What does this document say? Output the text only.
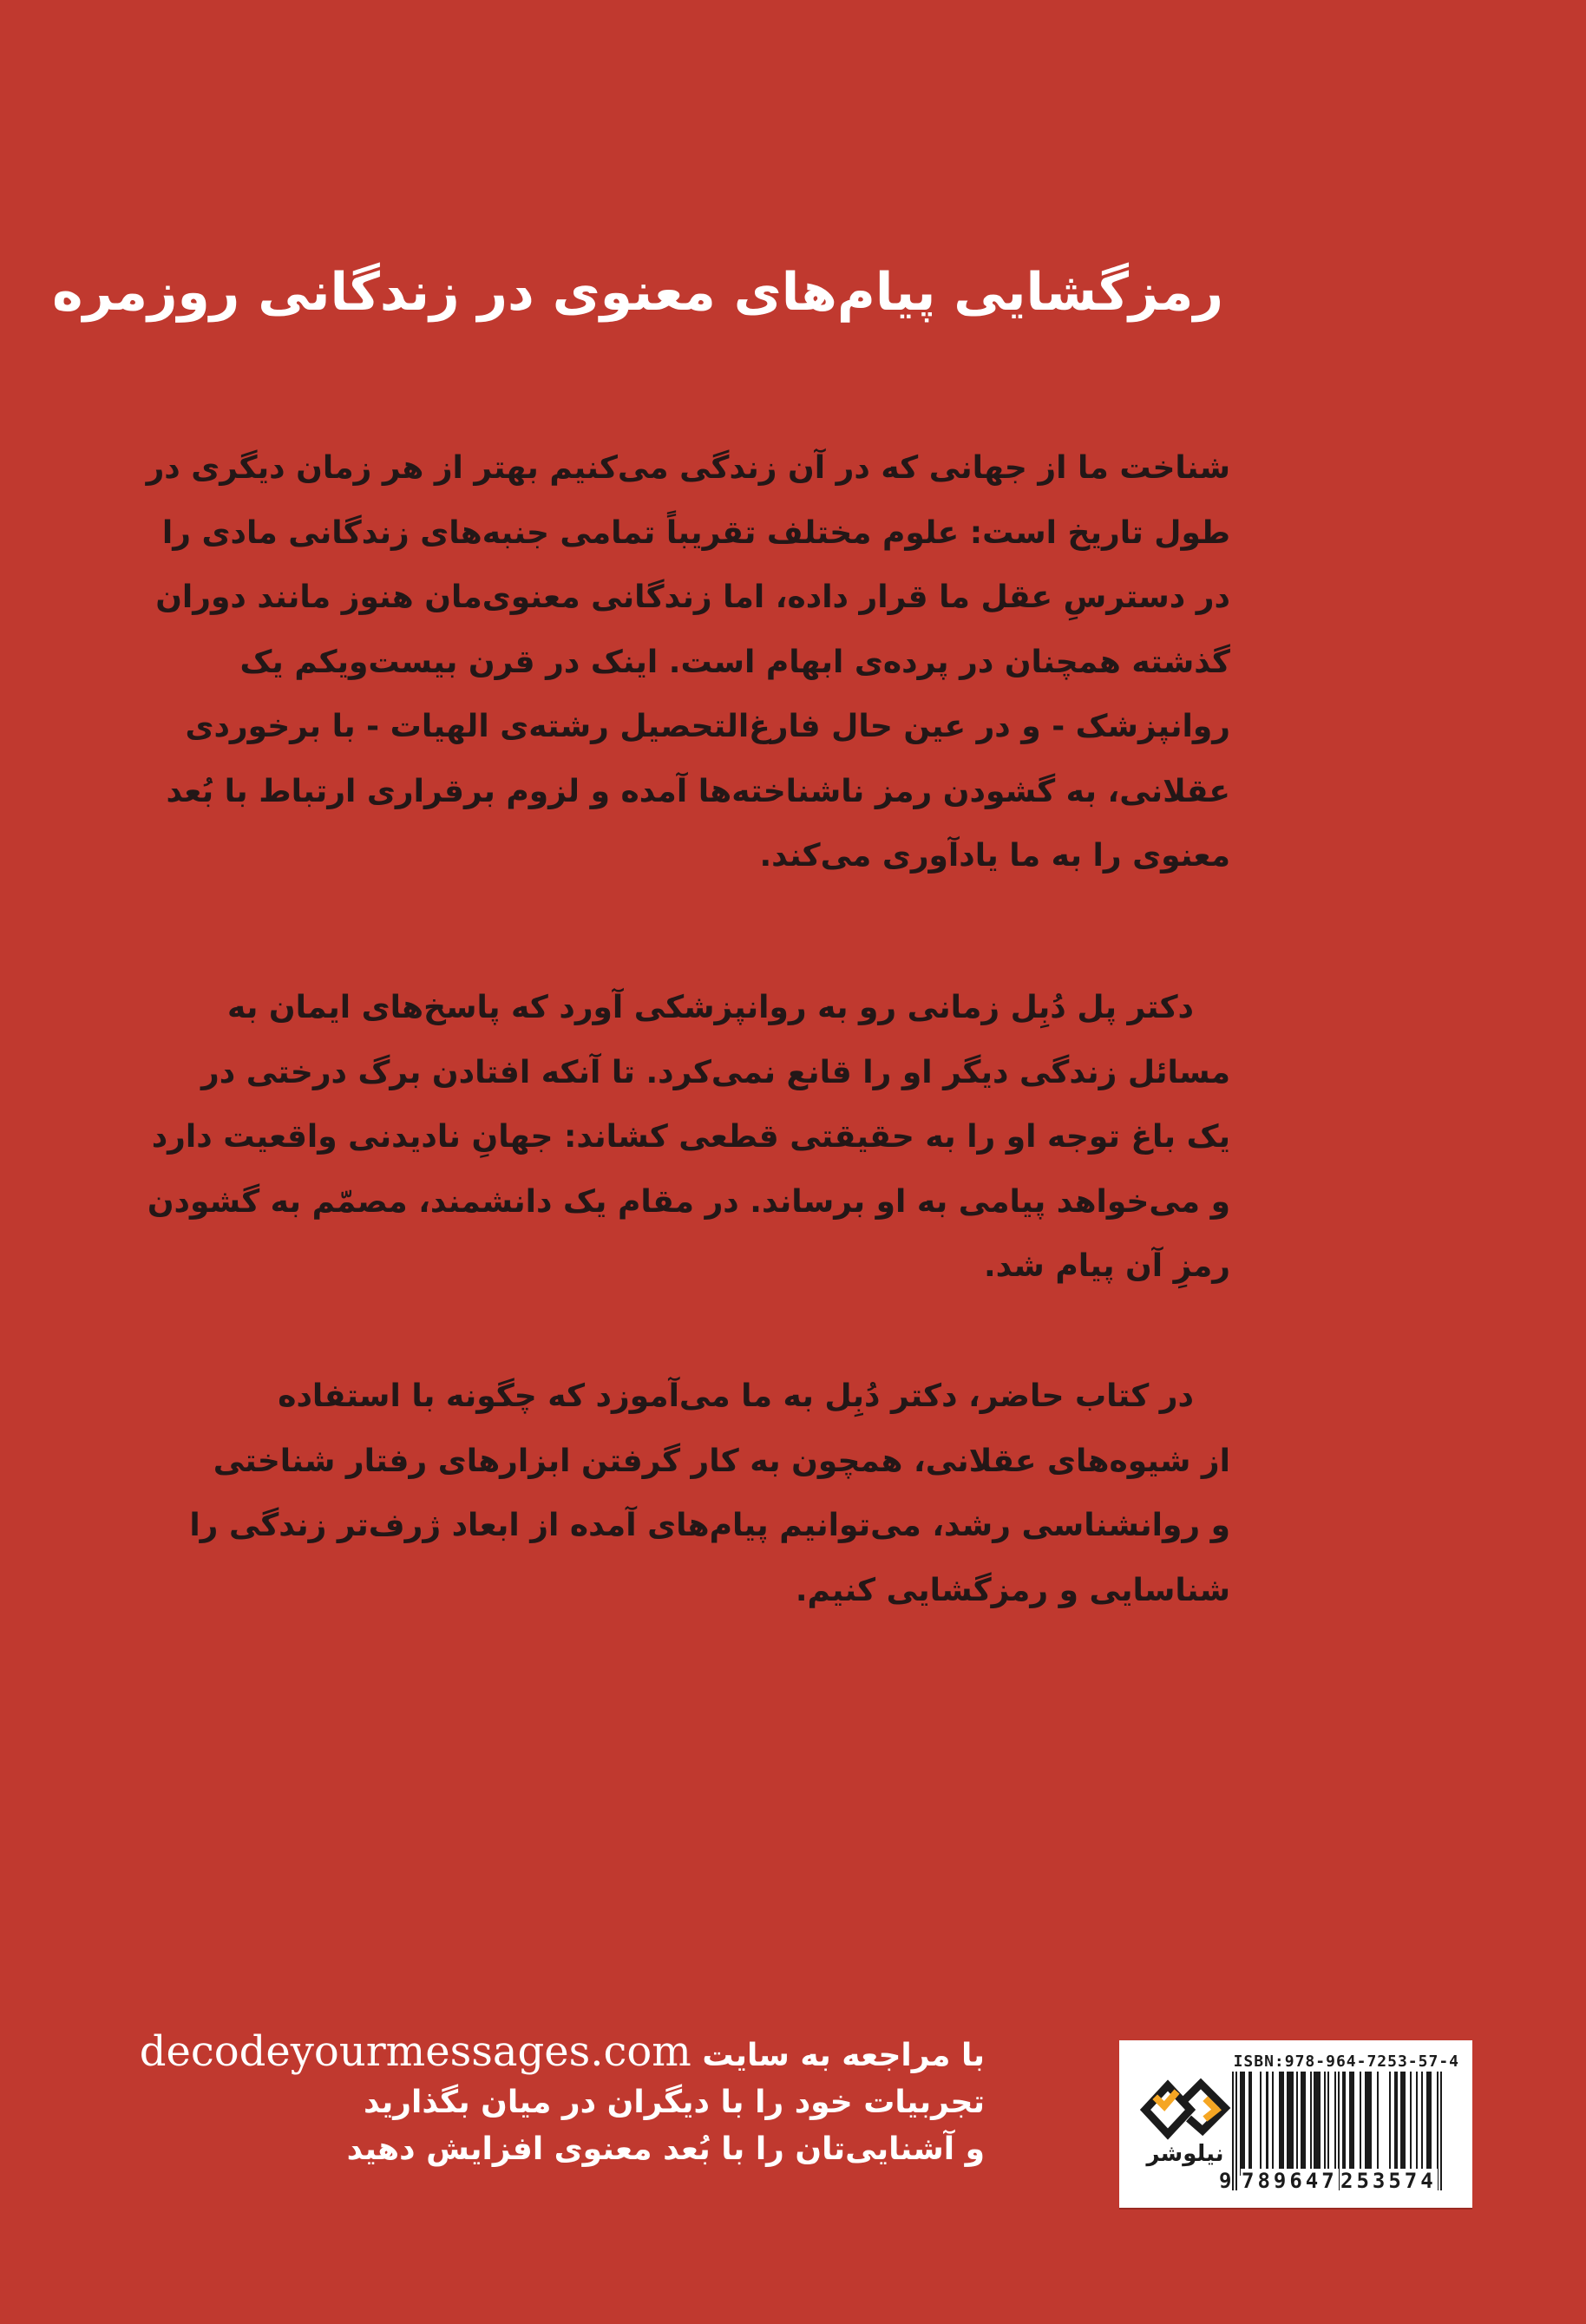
رمزگشایی پیام‌های معنوی در زندگانی روزمره
شناخت ما از جهانی که در آن زندگی می‌کنیم بهتر از هر زمان دیگری در
طول تاریخ است: علوم مختلف تقریباً تمامی جنبه‌های زندگانی مادی را
در دسترسِ عقل ما قرار داده، اما زندگانی معنوی‌مان هنوز مانند دوران
گذشته همچنان در پرده‌ی ابهام است. اینک در قرن بیست‌ویکم یک
روانپزشک - و در عین حال فارغ‌التحصیل رشته‌ی الهیات - با برخوردی
عقلانی، به گشودن رمز ناشناخته‌ها آمده و لزوم برقراری ارتباط با بُعد
معنوی را به ما یادآوری می‌کند.
دکتر پل دُبِل زمانی رو به روانپزشکی آورد که پاسخ‌های ایمان به
مسائل زندگی دیگر او را قانع نمی‌کرد. تا آنکه افتادن برگ درختی در
یک باغ توجه او را به حقیقتی قطعی کشاند: جهانِ نادیدنی واقعیت دارد
و می‌خواهد پیامی به او برساند. در مقام یک دانشمند، مصمّم به گشودن
رمزِ آن پیام شد.
در کتاب حاضر، دکتر دُبِل به ما می‌آموزد که چگونه با استفاده
از شیوه‌های عقلانی، همچون به کار گرفتن ابزارهای رفتار شناختی
و روانشناسی رشد، می‌توانیم پیام‌های آمده از ابعاد ژرف‌تر زندگی را
شناسایی و رمزگشایی کنیم.
با مراجعه به سایت decodeyourmessages.com
تجربیات خود را با دیگران در میان بگذارید
و آشنایی‌تان را با بُعد معنوی افزایش دهید	نیلوشر
ISBN:978-964-7253-57-4
9 789647 253574
